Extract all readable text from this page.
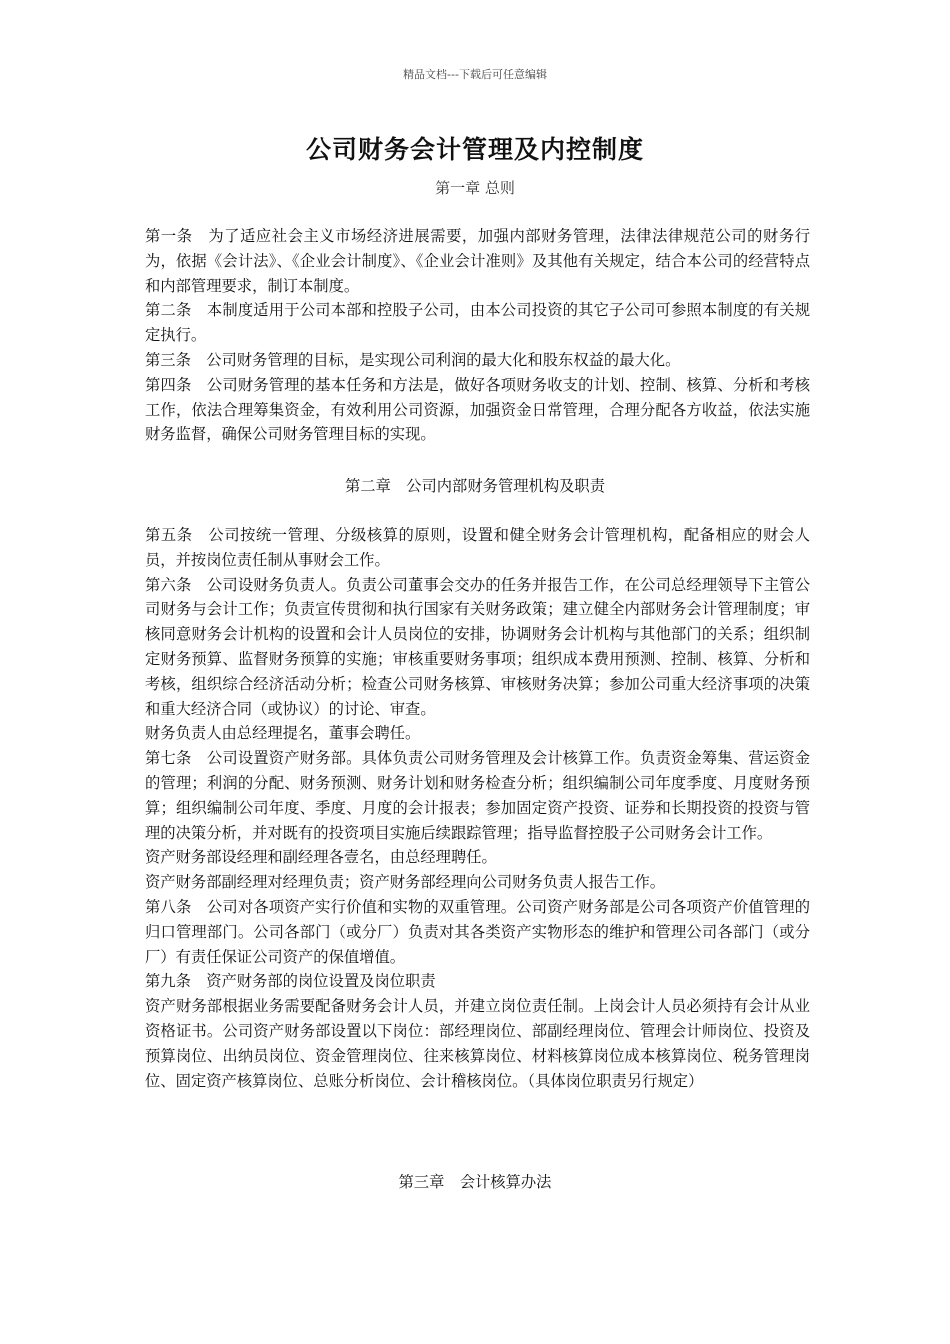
精品文档---下载后可任意编辑
公司财务会计管理及内控制度
第一章 总则

第一条　为了适应社会主义市场经济进展需要，加强内部财务管理，法律法律规范公司的财务行为，依据《会计法》、《企业会计制度》、《企业会计准则》及其他有关规定，结合本公司的经营特点和内部管理要求，制订本制度。

第二条　本制度适用于公司本部和控股子公司，由本公司投资的其它子公司可参照本制度的有关规定执行。

第三条　公司财务管理的目标，是实现公司利润的最大化和股东权益的最大化。

第四条　公司财务管理的基本任务和方法是，做好各项财务收支的计划、控制、核算、分析和考核工作，依法合理筹集资金，有效利用公司资源，加强资金日常管理，合理分配各方收益，依法实施财务监督，确保公司财务管理目标的实现。

第二章　公司内部财务管理机构及职责

第五条　公司按统一管理、分级核算的原则，设置和健全财务会计管理机构，配备相应的财会人员，并按岗位责任制从事财会工作。

第六条　公司设财务负责人。负责公司董事会交办的任务并报告工作，在公司总经理领导下主管公司财务与会计工作；负责宣传贯彻和执行国家有关财务政策；建立健全内部财务会计管理制度；审核同意财务会计机构的设置和会计人员岗位的安排，协调财务会计机构与其他部门的关系；组织制定财务预算、监督财务预算的实施；审核重要财务事项；组织成本费用预测、控制、核算、分析和考核，组织综合经济活动分析；检查公司财务核算、审核财务决算；参加公司重大经济事项的决策和重大经济合同（或协议）的讨论、审查。

财务负责人由总经理提名，董事会聘任。

第七条　公司设置资产财务部。具体负责公司财务管理及会计核算工作。负责资金筹集、营运资金的管理；利润的分配、财务预测、财务计划和财务检查分析；组织编制公司年度季度、月度财务预算；组织编制公司年度、季度、月度的会计报表；参加固定资产投资、证券和长期投资的投资与管理的决策分析，并对既有的投资项目实施后续跟踪管理；指导监督控股子公司财务会计工作。

资产财务部设经理和副经理各壹名，由总经理聘任。

资产财务部副经理对经理负责；资产财务部经理向公司财务负责人报告工作。

第八条　公司对各项资产实行价值和实物的双重管理。公司资产财务部是公司各项资产价值管理的归口管理部门。公司各部门（或分厂）负责对其各类资产实物形态的维护和管理公司各部门（或分厂）有责任保证公司资产的保值增值。

第九条　资产财务部的岗位设置及岗位职责

资产财务部根据业务需要配备财务会计人员，并建立岗位责任制。上岗会计人员必须持有会计从业资格证书。公司资产财务部设置以下岗位：部经理岗位、部副经理岗位、管理会计师岗位、投资及预算岗位、出纳员岗位、资金管理岗位、往来核算岗位、材料核算岗位成本核算岗位、税务管理岗位、固定资产核算岗位、总账分析岗位、会计稽核岗位。（具体岗位职责另行规定）

第三章　会计核算办法
